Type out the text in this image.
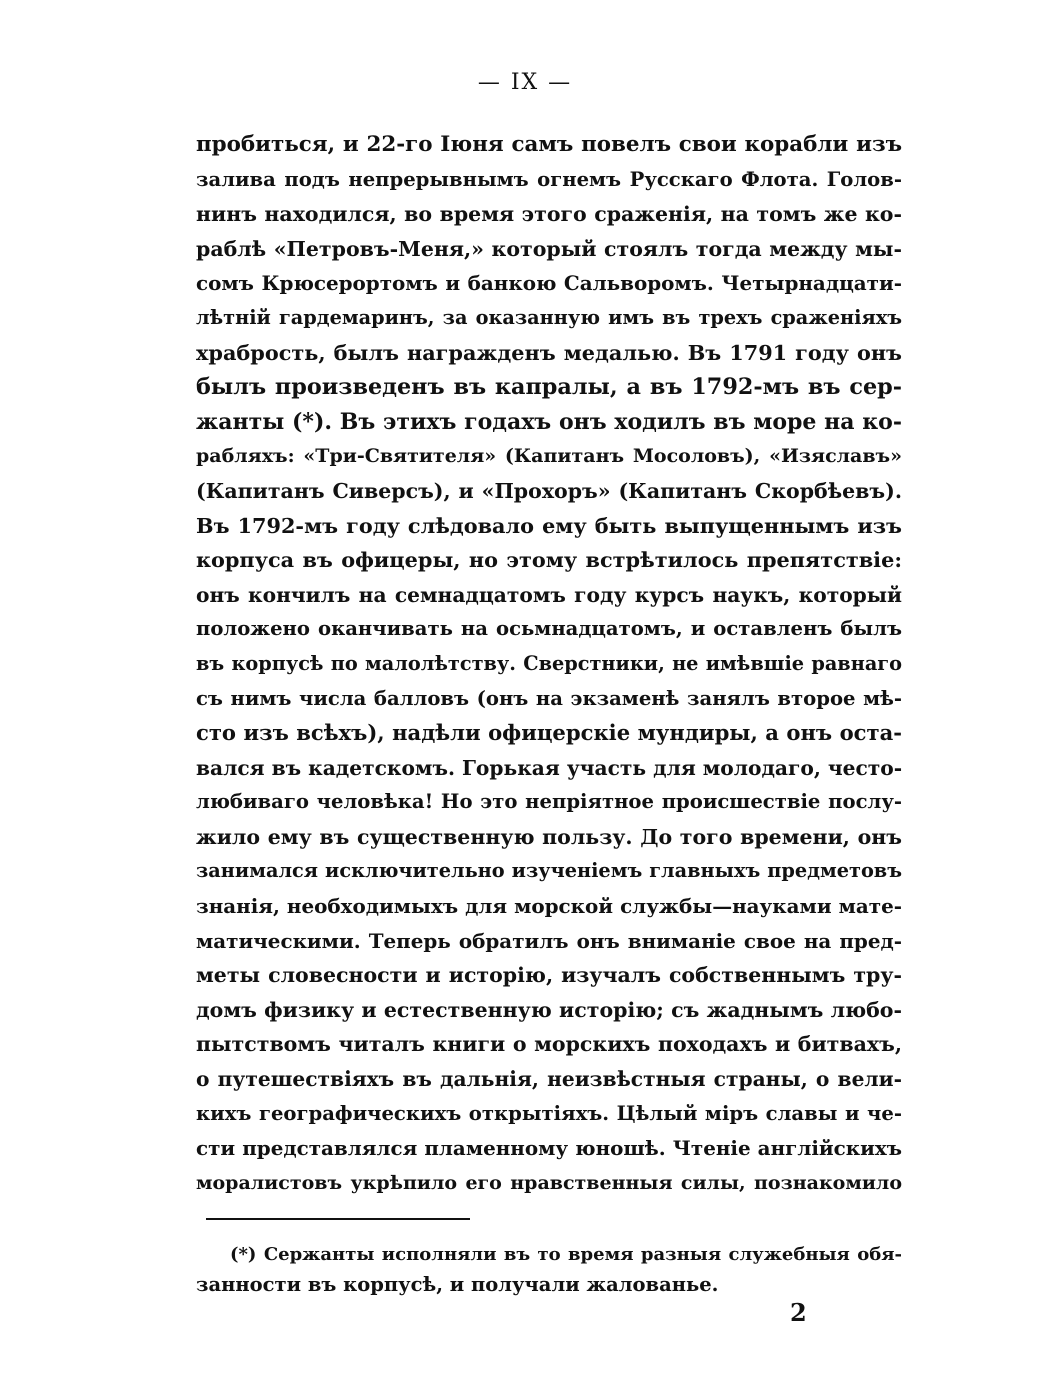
— IX —
пробиться, и 22-го Iюня самъ повелъ свои корабли изъ
залива подъ непрерывнымъ огнемъ Русскаго Флота. Голов-
нинъ находился, во время этого сраженія, на томъ же ко-
раблѣ «Петровъ-Меня,» который стоялъ тогда между мы-
сомъ Крюсерортомъ и банкою Сальворомъ. Четырнадцати-
лѣтній гардемаринъ, за оказанную имъ въ трехъ сраженіяхъ
храбрость, былъ награжденъ медалью. Въ 1791 году онъ
былъ произведенъ въ капралы, а въ 1792-мъ въ сер-
жанты (*). Въ этихъ годахъ онъ ходилъ въ море на ко-
рабляхъ: «Три-Святителя» (Капитанъ Мосоловъ), «Изяславъ»
(Капитанъ Сиверсъ), и «Прохоръ» (Капитанъ Скорбѣевъ).
Въ 1792-мъ году слѣдовало ему быть выпущеннымъ изъ
корпуса въ офицеры, но этому встрѣтилось препятствіе:
онъ кончилъ на семнадцатомъ году курсъ наукъ, который
положено оканчивать на осьмнадцатомъ, и оставленъ былъ
въ корпусѣ по малолѣтству. Сверстники, не имѣвшіе равнаго
съ нимъ числа балловъ (онъ на экзаменѣ занялъ второе мѣ-
сто изъ всѣхъ), надѣли офицерскіе мундиры, а онъ оста-
вался въ кадетскомъ. Горькая участь для молодаго, често-
любиваго человѣка! Но это непріятное происшествіе послу-
жило ему въ существенную пользу. До того времени, онъ
занимался исключительно изученіемъ главныхъ предметовъ
знанія, необходимыхъ для морской службы—науками мате-
матическими. Теперь обратилъ онъ вниманіе свое на пред-
меты словесности и исторію, изучалъ собственнымъ тру-
домъ физику и естественную исторію; съ жаднымъ любо-
пытствомъ читалъ книги о морскихъ походахъ и битвахъ,
о путешествіяхъ въ дальнія, неизвѣстныя страны, о вели-
кихъ географическихъ открытіяхъ. Цѣлый міръ славы и че-
сти представлялся пламенному юношѣ. Чтеніе англійскихъ
моралистовъ укрѣпило его нравственныя силы, познакомило
(*) Сержанты исполняли въ то время разныя служебныя обя-
занности въ корпусѣ, и получали жалованье.
2
